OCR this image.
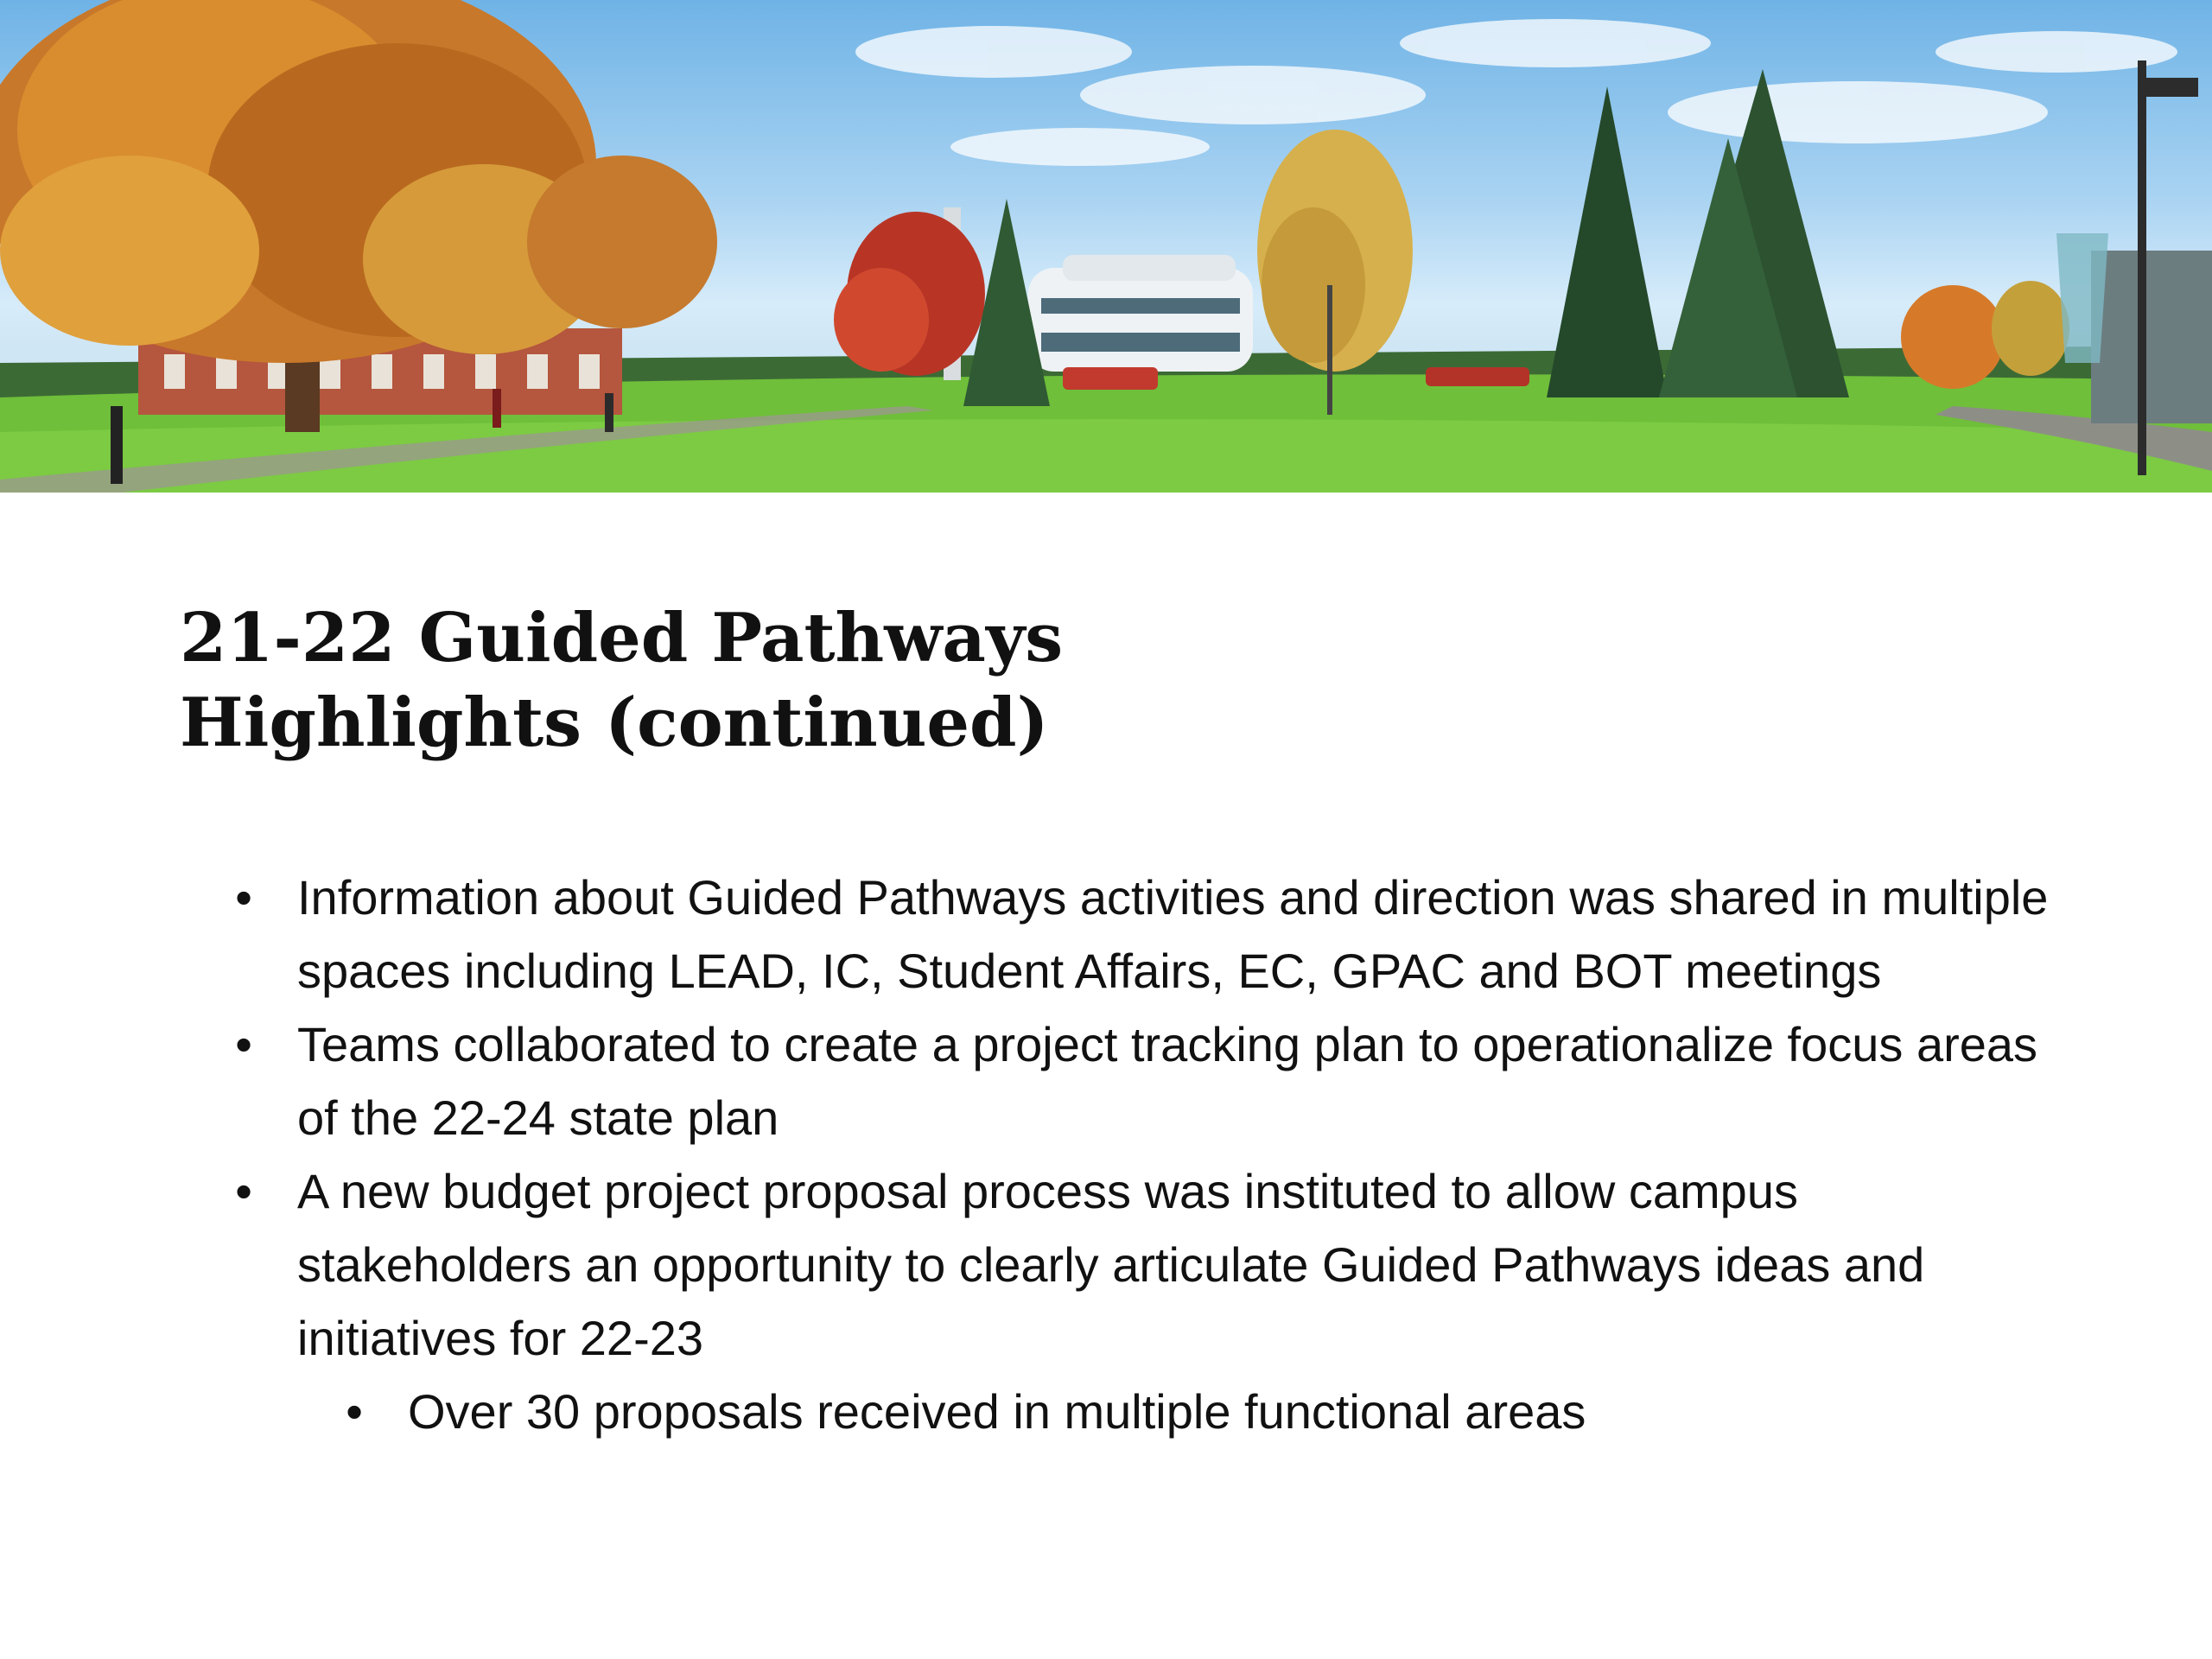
21-22 Guided Pathways
Highlights (continued)
• Information about Guided Pathways activities and direction was shared in multiple spaces including LEAD, IC, Student Affairs, EC, GPAC and BOT meetings
• Teams collaborated to create a project tracking plan to operationalize focus areas of the 22-24 state plan
• A new budget project proposal process was instituted to allow campus stakeholders an opportunity to clearly articulate Guided Pathways ideas and initiatives for 22-23
• Over 30 proposals received in multiple functional areas
